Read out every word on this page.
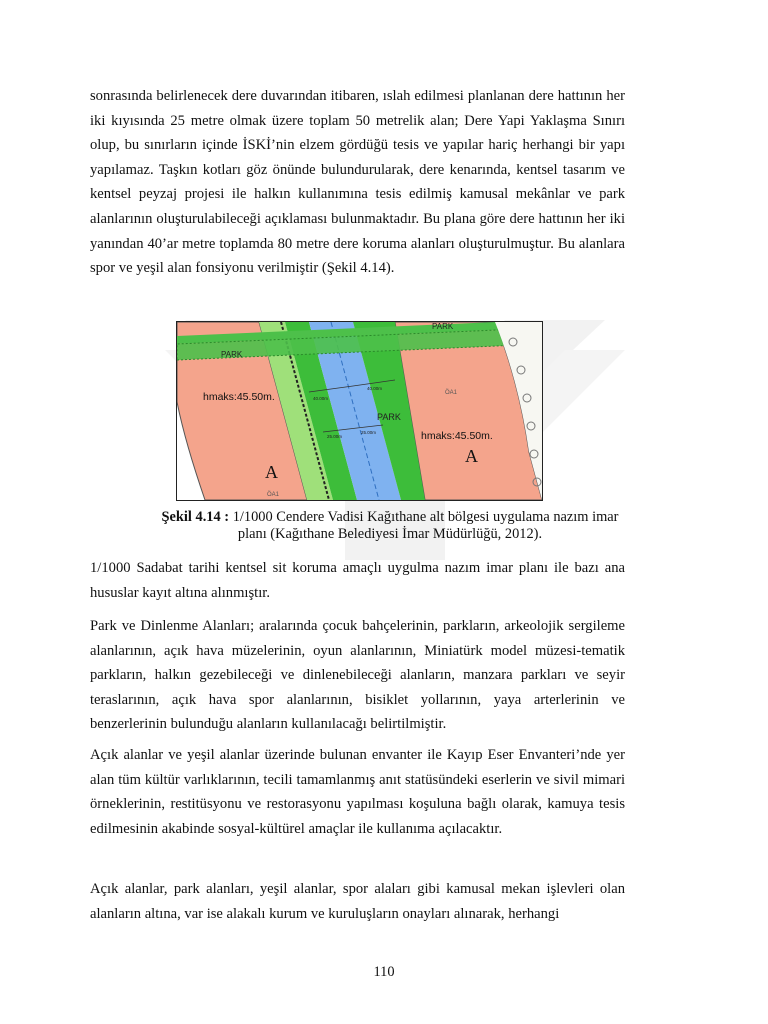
sonrasında belirlenecek dere duvarından itibaren, ıslah edilmesi planlanan dere hattının her iki kıyısında 25 metre olmak üzere toplam 50 metrelik alan; Dere Yapi Yaklaşma Sınırı olup, bu sınırların içinde İSKİ’nin elzem gördüğü tesis ve yapılar hariç herhangi bir yapı yapılamaz. Taşkın kotları göz önünde bulundurularak, dere kenarında, kentsel tasarım ve kentsel peyzaj projesi ile halkın kullanımına tesis edilmiş kamusal mekânlar ve park alanlarının oluşturulabileceği açıklaması bulunmaktadır. Bu plana göre dere hattının her iki yanından 40’ar metre toplamda 80 metre dere koruma alanları oluşturulmuştur. Bu alanlara spor ve yeşil alan fonsiyonu verilmiştir (Şekil 4.14).

PARK
PARK
PARK
hmaks:45.50m.
hmaks:45.50m.
A
A
ÖA1
ÖA1
40.00m
40.00m
25.00m
25.00m
Şekil 4.14 : 1/1000 Cendere Vadisi Kağıthane alt bölgesi uygulama nazım imar
planı (Kağıthane Belediyesi İmar Müdürlüğü, 2012).

1/1000 Sadabat tarihi kentsel sit koruma amaçlı uygulma nazım imar planı ile bazı ana hususlar kayıt altına alınmıştır.

Park ve Dinlenme Alanları; aralarında çocuk bahçelerinin, parkların, arkeolojik sergileme alanlarının, açık hava müzelerinin, oyun alanlarının, Miniatürk model müzesi-tematik parkların, halkın gezebileceği ve dinlenebileceği alanların, manzara parkları ve seyir teraslarının, açık hava spor alanlarının, bisiklet yollarının, yaya arterlerinin ve benzerlerinin bulunduğu alanların kullanılacağı belirtilmiştir.

Açık alanlar ve yeşil alanlar üzerinde bulunan envanter ile Kayıp Eser Envanteri’nde yer alan tüm kültür varlıklarının, tecili tamamlanmış anıt statüsündeki eserlerin ve sivil mimari örneklerinin, restitüsyonu ve restorasyonu yapılması koşuluna bağlı olarak, kamuya tesis edilmesinin akabinde sosyal-kültürel amaçlar ile kullanıma açılacaktır.

Açık alanlar, park alanları, yeşil alanlar, spor alaları gibi kamusal mekan işlevleri olan alanların altına, var ise alakalı kurum ve kuruluşların onayları alınarak, herhangi

110
